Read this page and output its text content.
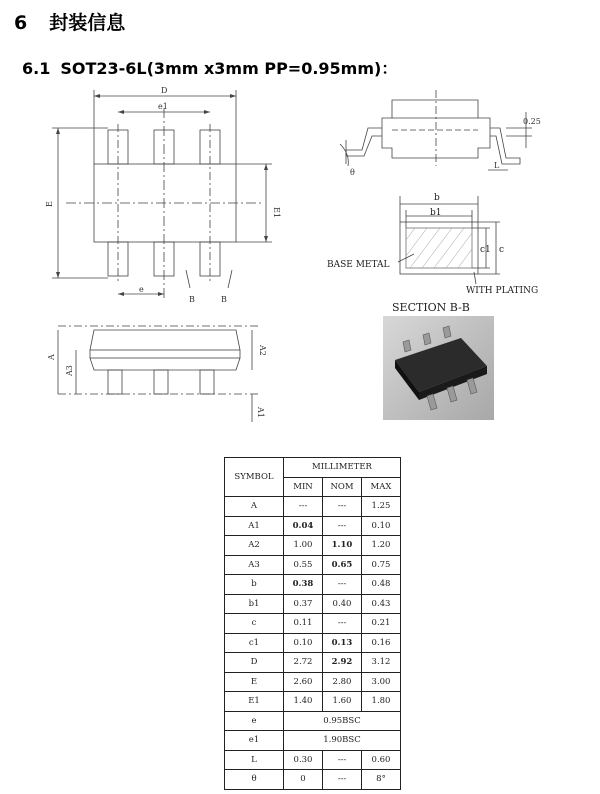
6 封装信息
6.1 SOT23-6L(3mm x3mm PP=0.95mm)：
D
e1
E
E1
e
B	B
A
A3
A2
A1
0.25
L
θ
b
b1
c1 c
BASE METAL
WITH PLATING
SECTION B-B
SYMBOL	MILLIMETER		
	MIN	NOM	MAX
A	---	---	1.25
A1	0.04	---	0.10
A2	1.00	1.10	1.20
A3	0.55	0.65	0.75
b	0.38	---	0.48
b1	0.37	0.40	0.43
c	0.11	---	0.21
c1	0.10	0.13	0.16
D	2.72	2.92	3.12
E	2.60	2.80	3.00
E1	1.40	1.60	1.80
e	0.95BSC		
e1	1.90BSC		
L	0.30	---	0.60
θ	0	---	8°
